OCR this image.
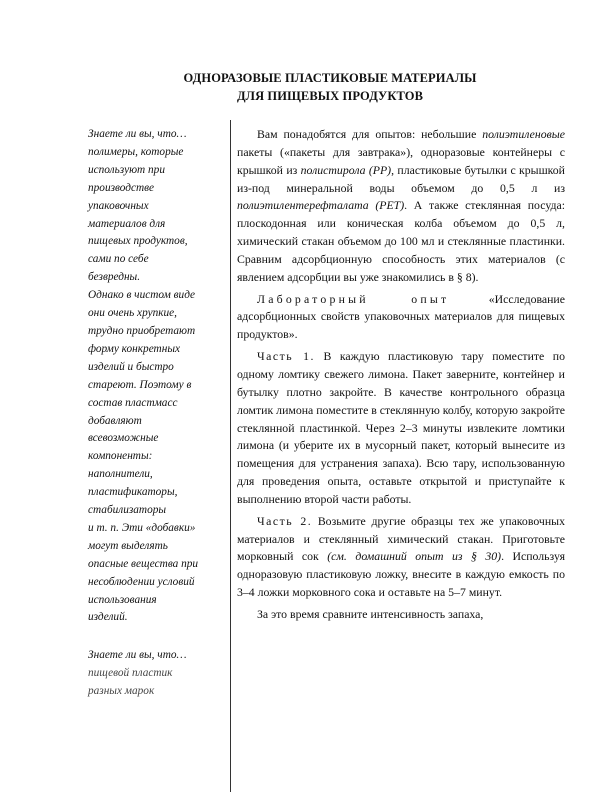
ОДНОРАЗОВЫЕ ПЛАСТИКОВЫЕ МАТЕРИАЛЫ
ДЛЯ ПИЩЕВЫХ ПРОДУКТОВ
Знаете ли вы, что…
полимеры, которые
используют при
производстве
упаковочных
материалов для
пищевых продуктов,
сами по себе
безвредны.
Однако в чистом виде
они очень хрупкие,
трудно приобретают
форму конкретных
изделий и быстро
стареют. Поэтому в
состав пластмасс
добавляют
всевозможные
компоненты:
наполнители,
пластификаторы,
стабилизаторы
и т. п. Эти «добавки»
могут выделять
опасные вещества при
несоблюдении условий
использования
изделий.
Знаете ли вы, что…
пищевой пластик
разных марок

Вам понадобятся для опытов: небольшие полиэтиленовые пакеты («пакеты для завтрака»), одноразовые контейнеры с крышкой из полистирола (PP), пластиковые бутылки с крышкой из-под минеральной воды объемом до 0,5 л из полиэтилентерефталата (PET). А также стеклянная посуда: плоскодонная или коническая колба объемом до 0,5 л, химический стакан объемом до 100 мл и стеклянные пластинки. Сравним адсорбционную способность этих материалов (с явлением адсорбции вы уже знакомились в § 8).

Лабораторный опыт «Исследование адсорбционных свойств упаковочных материалов для пищевых продуктов».

Часть 1. В каждую пластиковую тару поместите по одному ломтику свежего лимона. Пакет заверните, контейнер и бутылку плотно закройте. В качестве контрольного образца ломтик лимона поместите в стеклянную колбу, которую закройте стеклянной пластинкой. Через 2–3 минуты извлеките ломтики лимона (и уберите их в мусорный пакет, который вынесите из помещения для устранения запаха). Всю тару, использованную для проведения опыта, оставьте открытой и приступайте к выполнению второй части работы.

Часть 2. Возьмите другие образцы тех же упаковочных материалов и стеклянный химический стакан. Приготовьте морковный сок (см. домашний опыт из § 30). Используя одноразовую пластиковую ложку, внесите в каждую емкость по 3–4 ложки морковного сока и оставьте на 5–7 минут.

За это время сравните интенсивность запаха,
